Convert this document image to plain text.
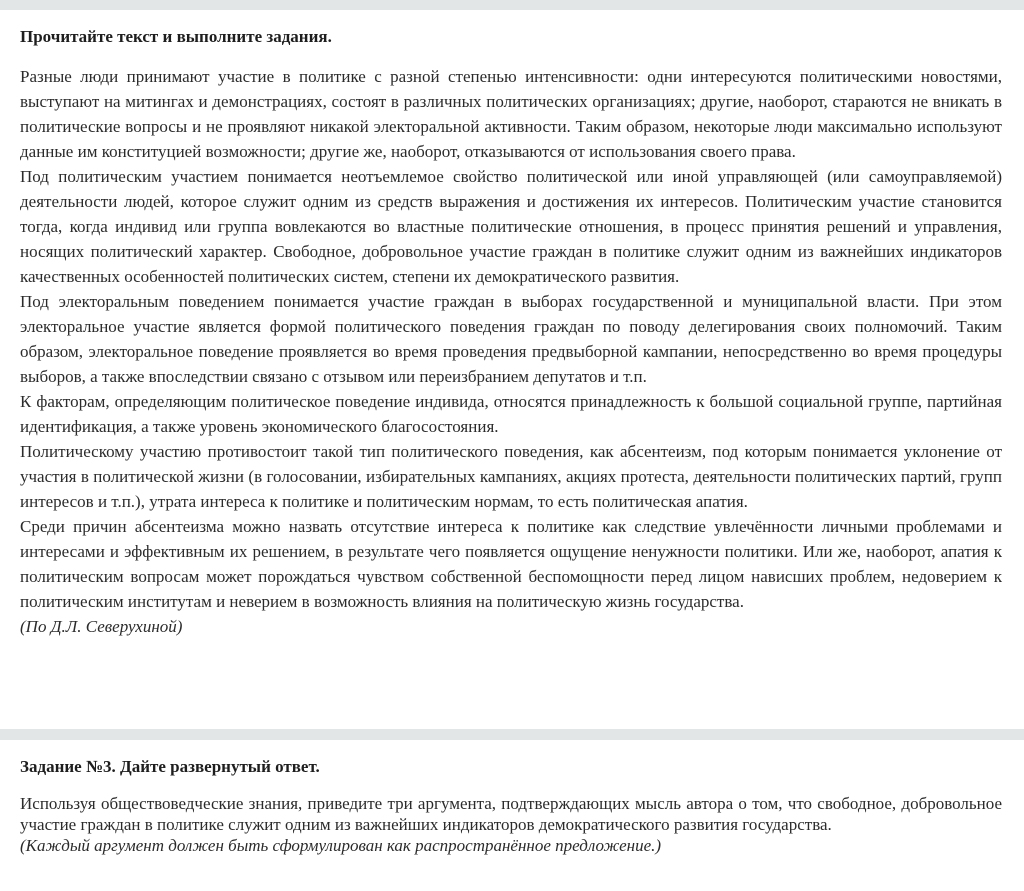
Прочитайте текст и выполните задания.

Разные люди принимают участие в политике с разной степенью интенсивности: одни интересуются политическими новостями, выступают на митингах и демонстрациях, состоят в различных политических организациях; другие, наоборот, стараются не вникать в политические вопросы и не проявляют никакой электоральной активности. Таким образом, некоторые люди максимально используют данные им конституцией возможности; другие же, наоборот, отказываются от использования своего права.

Под политическим участием понимается неотъемлемое свойство политической или иной управляющей (или самоуправляемой) деятельности людей, которое служит одним из средств выражения и достижения их интересов. Политическим участие становится тогда, когда индивид или группа вовлекаются во властные политические отношения, в процесс принятия решений и управления, носящих политический характер. Свободное, добровольное участие граждан в политике служит одним из важнейших индикаторов качественных особенностей политических систем, степени их демократического развития.

Под электоральным поведением понимается участие граждан в выборах государственной и муниципальной власти. При этом электоральное участие является формой политического поведения граждан по поводу делегирования своих полномочий. Таким образом, электоральное поведение проявляется во время проведения предвыборной кампании, непосредственно во время процедуры выборов, а также впоследствии связано с отзывом или переизбранием депутатов и т.п.

К факторам, определяющим политическое поведение индивида, относятся принадлежность к большой социальной группе, партийная идентификация, а также уровень экономического благосостояния.

Политическому участию противостоит такой тип политического поведения, как абсентеизм, под которым понимается уклонение от участия в политической жизни (в голосовании, избирательных кампаниях, акциях протеста, деятельности политических партий, групп интересов и т.п.), утрата интереса к политике и политическим нормам, то есть политическая апатия.

Среди причин абсентеизма можно назвать отсутствие интереса к политике как следствие увлечённости личными проблемами и интересами и эффективным их решением, в результате чего появляется ощущение ненужности политики. Или же, наоборот, апатия к политическим вопросам может порождаться чувством собственной беспомощности перед лицом нависших проблем, недоверием к политическим институтам и неверием в возможность влияния на политическую жизнь государства.

(По Д.Л. Северухиной)

Задание №3. Дайте развернутый ответ.

Используя обществоведческие знания, приведите три аргумента, подтверждающих мысль автора о том, что свободное, добровольное участие граждан в политике служит одним из важнейших индикаторов демократического развития государства.

(Каждый аргумент должен быть сформулирован как распространённое предложение.)
